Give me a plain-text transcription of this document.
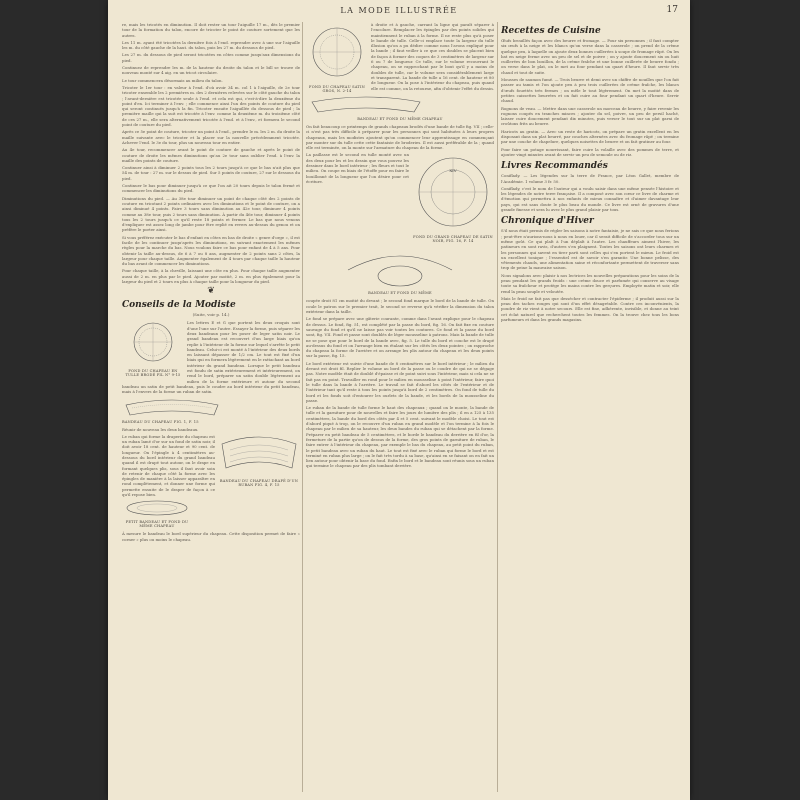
LA MODE ILLUSTRÉE	17

re, mais les tricotés en diminution. Il doit rester un tour l'aiguille 17 m., dès le premier tour de la formation du talon, encore de tricoter le point de couture sortement que les autres.

Les 11 m. ayant été tricotées la dernière fois à l'end. reprendre avec à une sur l'aiguille les m. du côté gauche de la haut. du talon, puis les 27 m. du dessous de pied.

Les 27 m. du dessous de pied seront tricotées en côtes comme jusqu'aux dimensions du pied.

Continuez de reprendre les m. de la hauteur du droite du talon et le bill se trouve de nouveau monté sur 4 aig. en un tricot circulaire.

Le tour commencera désormais au milieu du talon.

Tricoter le 1er tour : en valeur à l'end. d'où avoir 34 m. col 1 à l'aiguille, de 2e tour tricoter ensemble les 2 premières m. des 2 dernières relevées sur le côté gauche du talon ; l'avant-dernière est tricotée seule à l'end. et cela est qui, c'est-à-dire la deuxième du point d'en. Ici terminer à l'env. ; elle commence ainsi l'un des points de couture du pied qui seront continués jusqu'à la fin. Tricoter ensuite l'aiguillée du dessous de pied ; la première maille qui la suit est tricotée à l'env. comme la deuxième m. du troisième côté de ces 27 m., elle sera alternativement tricotée à l'end. et à l'env., et formera le second point de couture du pied.

Après ce 5e point de couture, tricoter un point à l'end., prendre le m. les 2 m. du droite la maille suivante avec le tricoter et la placer sur la nouvelle précédemment tricotée. Achever l'end. le 3e du tour, plus un nouveau tour en entier.

Au 4e tour, recommencer avant le point de couture de gauche et après le point de couture de droite les mêmes diminutions qu'au 2e tour sans oublier l'end. à l'env. la maille des points de couture.

Continuer ainsi à diminuer 2 points tous les 2 tours jusqu'à ce que le bas n'ait plus que 54 m. de tour : 27 m. sur le dessus de pied. Sur 5 points de couture, 27 sur le dessous du pied.

Continuer le bas pour diminuer jusqu'à ce que l'on ait 20 tours depuis le talon fermé et commencer les diminutions du pied.

Diminutions du pied. — Au 38e tour diminuer un point de chaque côté des 2 points de couture en tricotant 2 points ordinaires avec les diminutions et le point de couture, on a ainsi diminué 4 points. Faire 3 tours sans diminution au 42e tour, diminuer 4 points comme au 38e tour, puis 2 tours sans diminution. À partir du 46e tour, diminuer 4 points tous les 2 tours jusqu'à ce qu'il reste 18 points et fermer. Le bas que nous venons d'expliquer est assez long de jambe pour être replié en revers au-dessus du genou et on préfère le porter ainsi.

Si vous préférez exécuter le bas d'enfant en côtes en bas de droite « genre d'orge », il est facile de les continuer jusqu'après les diminutions, en suivant exactement les mêmes règles pour la marche du bas. Nous voulons faire ce bas pour enfant de 4 à 5 ans. Pour obtenir la taille au-dessus, de 6 à 7 ou 8 ans, augmenter de 2 points sans 2 côtes, la largeur pour chaque taille. Augmenter également de 4 tours par chaque taille la hauteur du bas avant de commencer les diminutions.

Pour chaque taille, à la cheville, laissant une côte en plus. Pour chaque taille augmenter aussi de 2 m. en plus par le pied. Ajouter par moitié, 2 m. en plus également pour la largeur du pied et 2 tours en plus à chaque taille pour la longueur du pied.

❦
Conseils de la Modiste
(Suite, voir p. 14.)
FOND DU CHAPEAU EN TULLE BRODÉ FIL N° 9-15

Les lettres E et G que portent les deux croquis sont d'une l'une sur l'autre. Essayer la forme, puis séparer les deux bandeaux pour les poser de leger satin noir. Le grand bandeau est recouvert d'un large biais qu'on replie à l'intérieur de la forme sur lequel s'arrête le petit bandeau. Celui-ci est monté à l'intérieur des deux bords en laissant dépasser de 1/2 cm. Le tout est fixé d'un biais qui en formera légèrement en le rattachant au bord intérieur du grand bandeau. Lorsque le petit bandeau est fondu de satin extérieurement et intérieurement, on rend le bord, préparer un satin double légèrement au milieu de la forme extérieure et autour du second bandeau un satin de petit bandeau, puis le coudre au bord intérieur du petit bandeau, mais à l'envers de la forme un ruban de satin.

BANDEAU DU CHAPEAU FIG. 1, F. 15

Réunir de nouveau les deux bandeaux.

BANDEAU DU CHAPEAU DRAPÉ D'UN RUBAN FIG. 4, F. 15

Le ruban qui forme la draperie du chapeau est un ruban lamé d'or sur un fond de satin noir, il doit avoir 18 cent. de hauteur et 90 cent. de longueur. On l'épingle à 4 centimètres au-dessous du bord intérieur du grand bandeau quand il est drapé tout autour, on le drape en formant quelques plis, sous il faut avoir soin de retenir de chaque côté la forme avec les épingles de manière à la laisser apparaître en rond complètement, et donner une forme qui permette ensuite de le draper de façon à ce qu'il repose bien.

PETIT BANDEAU ET FOND DU MÊME CHAPEAU

À mesure le bandeau le bord supérieur du chapeau. Cette disposition permet de faire « corner » plus ou moins le chapeau.

FOND DU CHAPEAU SATIN GROS, N. 2-14

à droite et à gauche, carrant la ligne qui paraît séparer à l'encolure. Remplacer les épingles par des points solides qui maintiennent le ruban à la forme. Il ne reste plus qu'à poser le bande de tulle. Celle-ci emplace toute la largeur du tulle illusion qu'on a pu dédire comme nous l'avons expliqué pour la bande ; il faut veiller à ce que ces doubles se placent bien de façon à former des coques de 3 centimètres de largeur sur 6 ou 7 de longueur. Ce tulle, sur le volume recouvrant le chapeau, on se rapprochant par le bout qu'il y a moins de doubles de tulle, car le volume sera considérablement large et transparent. La bande de tulle a 16 cent. de hauteur et 80 de longueur. On la pose à l'intérieur du chapeau, puis quand elle est comme, on la retourne, afin d'obtenir l'effet du dessin.

BANDEAU ET FOND DU MÊME CHAPEAU

On fait beaucoup ce printemps de grands chapeaux brodés d'une bande de tulle fig. VII ; celle-ci n'est pas très difficile à préparer pour les personnes qui sont habituées à leurs propres chapeaux, mais les modistes ajoutent qu'on commencer leur apprentissage en commençant par monter sur du tulle cette cette fantaisie de broderies. Il est aussi préférable de la ; quand elle est terminée, on la monte sur l'armature du chapeau de la forme.

XIV
FOND DU GRAND CHAPEAU DE SATIN NOIR, FIG. 16, F. 14

La paillasse est le second en tulle monté avec un des deux pour les et les dessin que vous pouvez les dessiner dans le bord intérieur ; les fleurs et tout le milieu. On coupe en biais de l'étoffe pour en faire le bouillonné de la longueur que l'on désire pour cet écriture.

BANDEAU ET FOND DU MÊME

coupée droit 81 cm moitié du devant ; le second fond marque le bord de la bande de tulle. On coule le patron sur le premier trait, le second se reverse qu'à vérifier la dimension du talon extérieur dans la taille.

Le fond se prépare avec une gâterie courante, comme dans l'avant explique pour le chapeau de dessus. Le fond, fig. 51, est complété par la passe du bord, fig. 16. On fait fixe en couture sauvage du fond et qu'il ne laisse pas voir toutes les coutures. Ce fond et la passe du bord sont, fig. VII. Fond et passe sont doublés de léger mousseline à patrons. Mais la bande de tulle ne se pose que pour le bord de la bande avec, fig. 5. Le tulle du bord et couche est le drapé au-dessus du fond et on l'arrange bien en étalant sur les côtés les deux pointes ; on rapproche du chapeau la forme de l'arrière et on arrange les plis autour du chapeau et les deux points sur la passe, fig. 15.

Le bord extérieur est suivie d'une bande de 8 centimètres sur le bord intérieur ; le milieu du devant est droit fil. Replier le volume au bord de la passe ou le coudre de qui ne se dégage pas. Notre modèle était de doublé d'épaisse et de point suivi sous l'intérieur, mais si cela ne se fait pas en point. Travailler en rond pour le milieu en mousseline à point l'intérieur, faire quoi le tulle dans la bande à l'arrière. Le travail se fait d'abord les côtés de l'extérieur et de l'intérieur tant qu'il reste à tous les points jusqu'à bord de 2 centimètres. On fond de tulle du bord et les fonds soit d'entourer les ourlets de la bande, et les bords de la mousseline du passe.

Le ruban de la bande de tulle forme le haut des chapeaux ; quand on le monte, la bande de tulle et la garniture pour de nouvelles et faire les jours de lumière des plis ; il en a 125 à 135 centimètres, la bande du bord des côtés par 4 et 5 cent. suivant le modèle choisi. Le tout est d'abord piqué à trop, on le recouvre d'un ruban en grand modèle et l'on termine à la fois le chapeau par le milieu de sa hauteur, les deux bandes du ruban qui se détachent par la forme. Préparer en petit bandeau de 5 centimètres, et le borde le bandeau du derrière en fil d'or, la fermeture de la partie qu'on de dessus de la forme, des gros points de garniture de ruban, le faire entrer à l'intérieur du chapeau, par exemple le bas du chapeau, au petit point du ruban, le petit bandeau avec un ruban du haut. Le tout est fixé avec le ruban qui forme le bord et est terminé en ruban plus large ; on le fait très tordu à sa base, qu'ainsi en se faisant on en fait un lien autour pour obtenir la base du fond. Enfin le bord et le bandeau sont réunis sous un ruban qui termine le chapeau par des plis tombant derrière.

Recettes de Cuisine

Œufs brouillés façon avec des beurre et fromage. — Pour six personnes ; il faut compter six œufs à la neige et les blancs qu'on verse dans la casserole ; on prend de la crème quelque peu, à laquelle on ajoute deux bonnes cuillerées à soupe de fromage râpé. On les bat en neige ferme avec un peu de sel et de poivre ; on y ajoute doucement six ou huit cuillerées de bon bouillon, de la crème fraîche et une bonne cuillerée de beurre fondu ; on verse dans le plat, on le met au four pendant un quart d'heure. Il faut servir très chaud et tout de suite.

Mousses de saumon fumé. — Trois beurre et demi avec un chiffre de nouilles que l'on fait passer au tamis et l'on ajoute peu à peu trois cuillerées de crème fraîche, les blancs d'œufs fouettés très fermes ; on mêle le tout légèrement. On met la moitié dans de petites caissettes beurrées et on fait cuire au four pendant un quart d'heure. Servir chaud.

Rognons de veau. — Mettre dans une casserole un morceau de beurre, y faire revenir les rognons coupés en tranches minces ; ajouter du sel, poivre, un peu de persil haché, laisser cuire doucement pendant dix minutes, puis verser le tout sur un plat garni de croûtons frits au beurre.

Haricots au gratin. — Avec un reste de haricots, on prépare un gratin excellent en les disposant dans un plat beurré, par couches alternées avec du fromage râpé ; on termine par une couche de chapelure, quelques noisettes de beurre et on fait gratiner au four.

Pour faire un potage nourrissant, faire cuire la volaille avec des pommes de terre, et ajouter vingt minutes avant de servir un peu de semoule ou de riz.

Livres Recommandés

Coniflady. — Les légendes sur la terre de France, par Léon Gallet, membre de l'Académie. 1 volume 3 fr. 50.

Coniflady, c'est le nom de l'auteur qui a voulu saisir dans une même pensée l'histoire et les légendes de notre terre française. Il a composé avec son cœur ce livre de charme et d'émotion qui permettra à nos enfants de mieux connaître et d'aimer davantage leur pays, qui est sans doute le plus beau du monde. Ce livre est orné de gravures d'une grande finesse et sera lu avec le plus grand plaisir par tous.

Chronique d'Hiver

S'il nous était permis de régler les saisons à notre fantaisie, je ne sais ce que nous ferions ; peut-être n'aurions-nous à nous en louer, car il serait difficile de s'accorder tous sur un même goût. Ce qui plaît à l'un déplaît à l'autre. Les chauffeurs aiment l'hiver, les patineurs en sont ravis, d'autres s'en plaignent. Toutes les saisons ont leurs charmes et les personnes qui savent en tirer parti sont celles qui s'en portent le mieux. Le froid est un excellent tonique ; l'essentiel est de savoir s'en garantir. Une bonne pelisse, des vêtements chauds, une alimentation saine et réconfortante permettent de traverser sans trop de peine la mauvaise saison.

Nous signalons avec plaisir à nos lectrices les nouvelles préparations pour les soins de la peau pendant les grands froids : une crème douce et parfumée qui conserve au visage toute sa fraîcheur et protège les mains contre les gerçures. Employée matin et soir, elle rend la peau souple et veloutée.

Mais le froid ne fait pas que dessécher et contracter l'épiderme ; il produit aussi sur la peau des taches rouges qui sont d'un effet désagréable. Contre ces inconvénients, la poudre de riz vient à notre secours. Elle est fine, adhérente, invisible, et donne au teint cet éclat naturel que recherchent toutes les femmes. On la trouve chez tous les bons parfumeurs et dans les grands magasins.
